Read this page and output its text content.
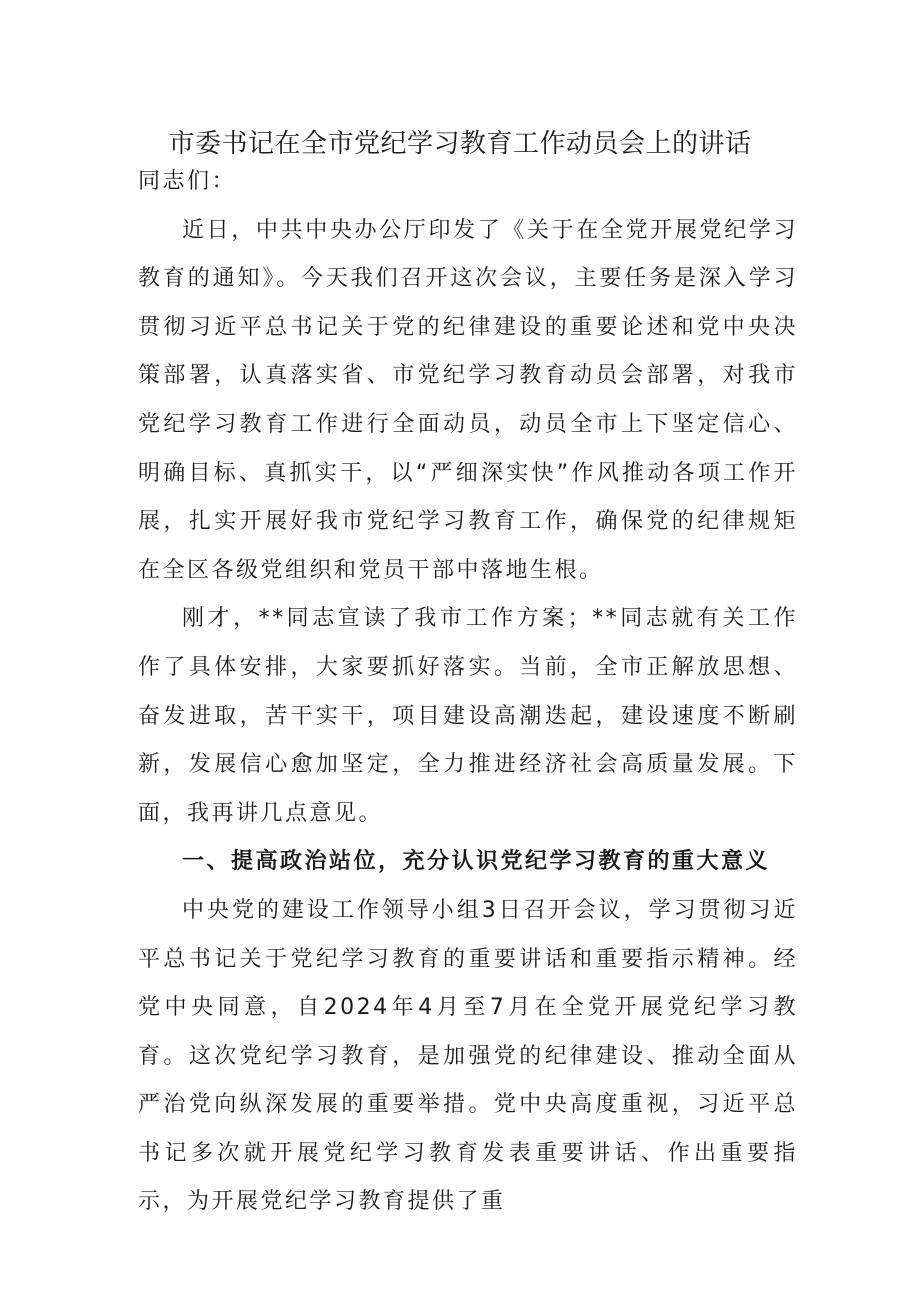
市委书记在全市党纪学习教育工作动员会上的讲话

同志们：

近日，中共中央办公厅印发了《关于在全党开展党纪学习教育的通知》。今天我们召开这次会议，主要任务是深入学习贯彻习近平总书记关于党的纪律建设的重要论述和党中央决策部署，认真落实省、市党纪学习教育动员会部署，对我市党纪学习教育工作进行全面动员，动员全市上下坚定信心、明确目标、真抓实干，以“严细深实快”作风推动各项工作开展，扎实开展好我市党纪学习教育工作，确保党的纪律规矩在全区各级党组织和党员干部中落地生根。

刚才，**同志宣读了我市工作方案；**同志就有关工作作了具体安排，大家要抓好落实。当前，全市正解放思想、奋发进取，苦干实干，项目建设高潮迭起，建设速度不断刷新，发展信心愈加坚定，全力推进经济社会高质量发展。下面，我再讲几点意见。

一、提高政治站位，充分认识党纪学习教育的重大意义

中央党的建设工作领导小组3日召开会议，学习贯彻习近平总书记关于党纪学习教育的重要讲话和重要指示精神。经党中央同意，自2024年4月至7月在全党开展党纪学习教育。这次党纪学习教育，是加强党的纪律建设、推动全面从严治党向纵深发展的重要举措。党中央高度重视，习近平总书记多次就开展党纪学习教育发表重要讲话、作出重要指示，为开展党纪学习教育提供了重
